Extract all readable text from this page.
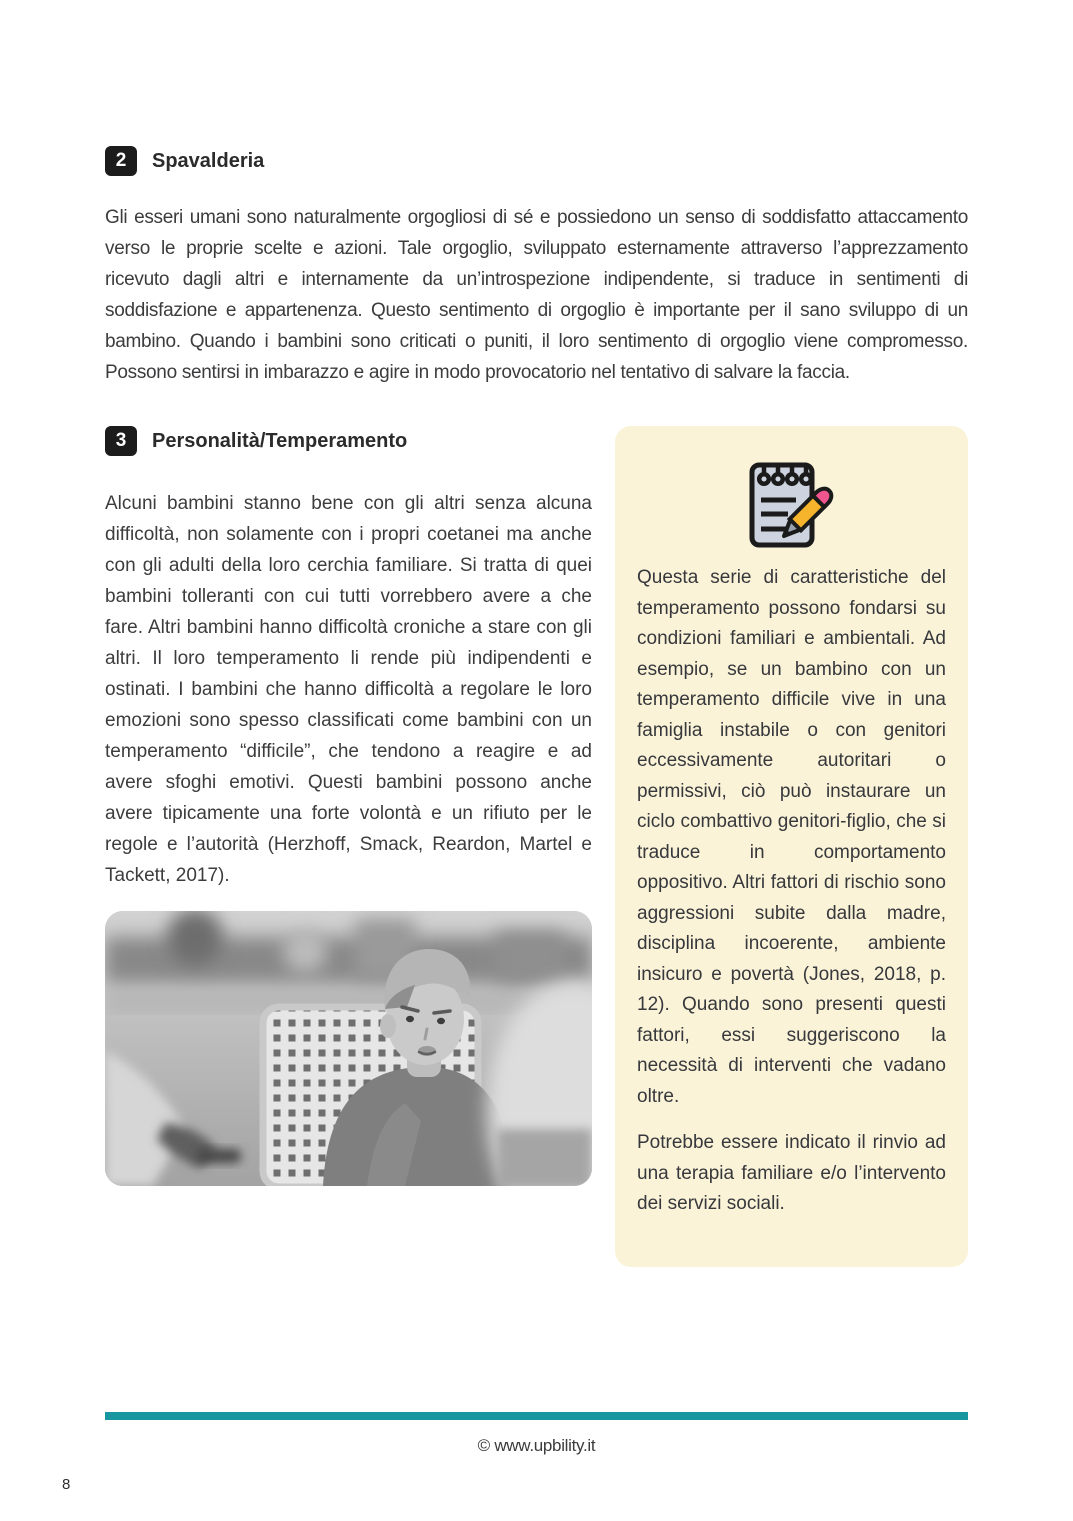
2	Spavalderia

Gli esseri umani sono naturalmente orgogliosi di sé e possiedono un senso di soddisfatto attaccamento verso le proprie scelte e azioni. Tale orgoglio, sviluppato esternamente attraverso l’apprezzamento ricevuto dagli altri e internamente da un’introspezione indipendente, si traduce in sentimenti di soddisfazione e appartenenza. Questo sentimento di orgoglio è importante per il sano sviluppo di un bambino. Quando i bambini sono criticati o puniti, il loro sentimento di orgoglio viene compromesso. Possono sentirsi in imbarazzo e agire in modo provocatorio nel tentativo di salvare la faccia.

3	Personalità/Temperamento

Alcuni bambini stanno bene con gli altri senza alcuna difficoltà, non solamente con i propri coetanei ma anche con gli adulti della loro cerchia familiare. Si tratta di quei bambini tolleranti con cui tutti vorrebbero avere a che fare. Altri bambini hanno difficoltà croniche a stare con gli altri. Il loro temperamento li rende più indipendenti e ostinati. I bambini che hanno difficoltà a regolare le loro emozioni sono spesso classificati come bambini con un temperamento “difficile”, che tendono a reagire e ad avere sfoghi emotivi. Questi bambini possono anche avere tipicamente una forte volontà e un rifiuto per le regole e l’autorità (Herzhoff, Smack, Reardon, Martel e Tackett, 2017).

Questa serie di caratteristiche del temperamento possono fondarsi su condizioni familiari e ambientali. Ad esempio, se un bambino con un temperamento difficile vive in una famiglia instabile o con genitori eccessivamente autoritari o permissivi, ciò può instaurare un ciclo combattivo genitori-figlio, che si traduce in comportamento oppositivo. Altri fattori di rischio sono aggressioni subite dalla madre, disciplina incoerente, ambiente insicuro e povertà (Jones, 2018, p. 12). Quando sono presenti questi fattori, essi suggeriscono la necessità di interventi che vadano oltre.

Potrebbe essere indicato il rinvio ad una terapia familiare e/o l’intervento dei servizi sociali.

© www.upbility.it
8
